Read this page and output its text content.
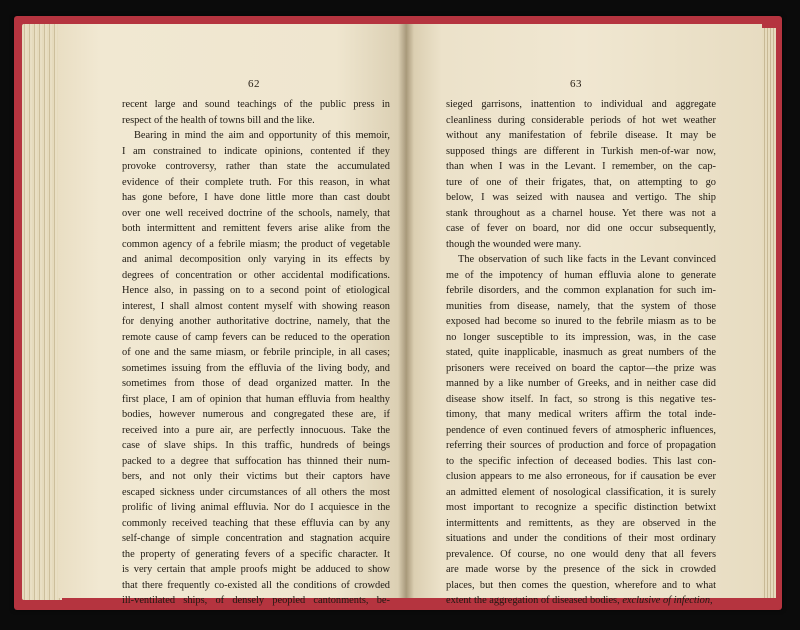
62	63
recent large and sound teachings of the public press in
respect of the health of towns bill and the like.
Bearing in mind the aim and opportunity of this memoir,
I am constrained to indicate opinions, contented if they
provoke controversy, rather than state the accumulated
evidence of their complete truth. For this reason, in what
has gone before, I have done little more than cast doubt
over one well received doctrine of the schools, namely, that
both intermittent and remittent fevers arise alike from the
common agency of a febrile miasm; the product of vegetable
and animal decomposition only varying in its effects by
degrees of concentration or other accidental modifications.
Hence also, in passing on to a second point of etiological
interest, I shall almost content myself with showing reason
for denying another authoritative doctrine, namely, that the
remote cause of camp fevers can be reduced to the operation
of one and the same miasm, or febrile principle, in all cases;
sometimes issuing from the effluvia of the living body, and
sometimes from those of dead organized matter. In the
first place, I am of opinion that human effluvia from healthy
bodies, however numerous and congregated these are, if
received into a pure air, are perfectly innocuous. Take the
case of slave ships. In this traffic, hundreds of beings
packed to a degree that suffocation has thinned their num-
bers, and not only their victims but their captors have
escaped sickness under circumstances of all others the most
prolific of living animal effluvia. Nor do I acquiesce in the
commonly received teaching that these effluvia can by any
self-change of simple concentration and stagnation acquire
the property of generating fevers of a specific character. It
is very certain that ample proofs might be adduced to show
that there frequently co-existed all the conditions of crowded
ill-ventilated ships, of densely peopled cantonments, be-
sieged garrisons, inattention to individual and aggregate
cleanliness during considerable periods of hot wet weather
without any manifestation of febrile disease. It may be
supposed things are different in Turkish men-of-war now,
than when I was in the Levant. I remember, on the cap-
ture of one of their frigates, that, on attempting to go
below, I was seized with nausea and vertigo. The ship
stank throughout as a charnel house. Yet there was not a
case of fever on board, nor did one occur subsequently,
though the wounded were many.
The observation of such like facts in the Levant convinced
me of the impotency of human effluvia alone to generate
febrile disorders, and the common explanation for such im-
munities from disease, namely, that the system of those
exposed had become so inured to the febrile miasm as to be
no longer susceptible to its impression, was, in the case
stated, quite inapplicable, inasmuch as great numbers of the
prisoners were received on board the captor—the prize was
manned by a like number of Greeks, and in neither case did
disease show itself. In fact, so strong is this negative tes-
timony, that many medical writers affirm the total inde-
pendence of even continued fevers of atmospheric influences,
referring their sources of production and force of propagation
to the specific infection of deceased bodies. This last con-
clusion appears to me also erroneous, for if causation be ever
an admitted element of nosological classification, it is surely
most important to recognize a specific distinction betwixt
intermittents and remittents, as they are observed in the
situations and under the conditions of their most ordinary
prevalence. Of course, no one would deny that all fevers
are made worse by the presence of the sick in crowded
places, but then comes the question, wherefore and to what
extent the aggregation of diseased bodies, exclusive of infection,
